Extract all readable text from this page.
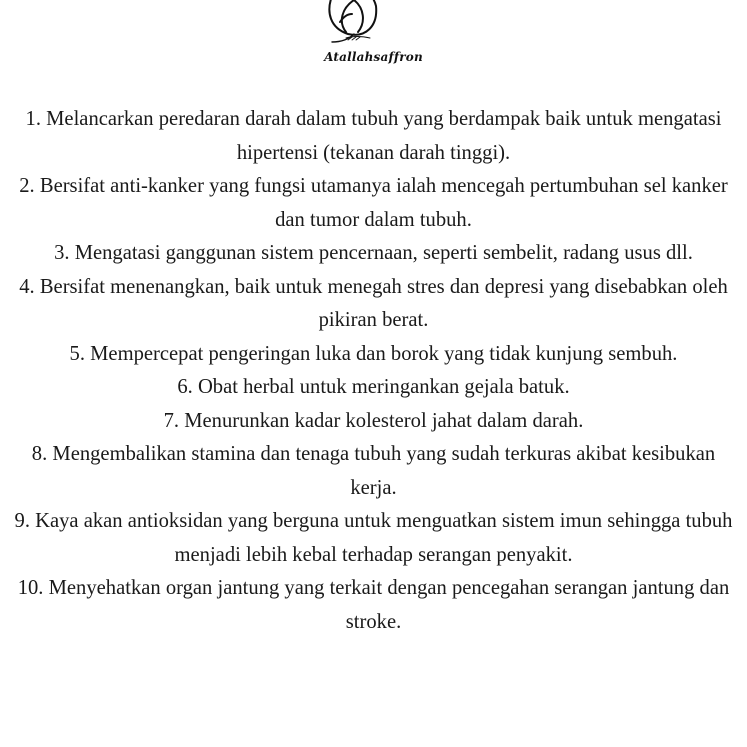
Atallahsaffron
1. Melancarkan peredaran darah dalam tubuh yang berdampak baik untuk mengatasi hipertensi (tekanan darah tinggi).
2. Bersifat anti-kanker yang fungsi utamanya ialah mencegah pertumbuhan sel kanker dan tumor dalam tubuh.
3. Mengatasi ganggunan sistem pencernaan, seperti sembelit, radang usus dll.
4. Bersifat menenangkan, baik untuk menegah stres dan depresi yang disebabkan oleh pikiran berat.
5. Mempercepat pengeringan luka dan borok yang tidak kunjung sembuh.
6. Obat herbal untuk meringankan gejala batuk.
7. Menurunkan kadar kolesterol jahat dalam darah.
8. Mengembalikan stamina dan tenaga tubuh yang sudah terkuras akibat kesibukan kerja.
9. Kaya akan antioksidan yang berguna untuk menguatkan sistem imun sehingga tubuh menjadi lebih kebal terhadap serangan penyakit.
10. Menyehatkan organ jantung yang terkait dengan pencegahan serangan jantung dan stroke.
